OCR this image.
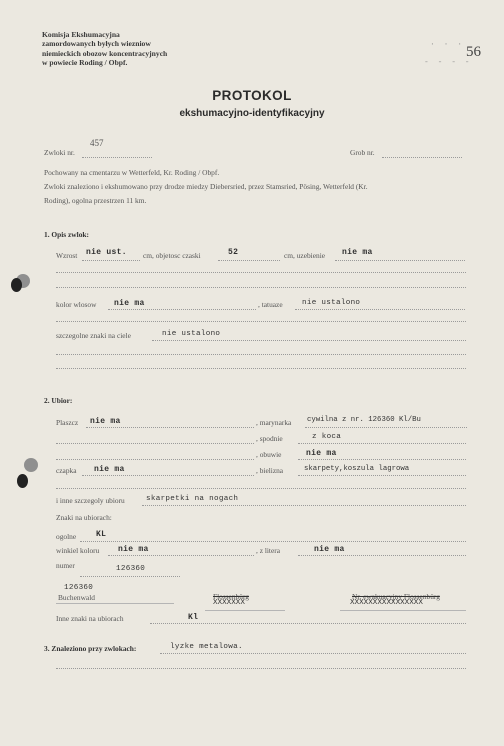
Komisja Ekshumacyjna
zamordowanych byłych wiezniow
niemieckich obozow koncentracyjnych
w powiecie Roding / Obpf.
· · ·
- - - -
56
PROTOKOL
ekshumacyjno-identyfikacyjny
Zwloki nr.
457
Grob nr.
Pochowany na cmentarzu w Wetterfeld, Kr. Roding / Obpf.
Zwloki znaleziono i ekshumowano przy drodze miedzy Diebersried, przez Stamsried, Pösing, Wetterfeld (Kr.
Roding), ogolna przestrzen 11 km.
1. Opis zwlok:
Wzrost nie ust. cm, objetosc czaski	52	cm, uzebienie nie ma
kolor wlosow nie ma	, tatuaze	nie ustalono
szczegolne znaki na ciele	nie ustalono
2. Ubior:
Plaszcz nie ma	, marynarka cywilna z nr. 126360 Kl/Bu
, spodnie	z koca
, obuwie	nie ma
czapka nie ma	, bielizna	skarpety,koszula lagrowa
i inne szczegoly ubioru	skarpetki na nogach
Znaki na ubiorach:
ogolne KL
winkiel koloru nie ma	, z litera	nie ma
numer	126360
126360
Buchenwald	Flossenbürg
XXXXXXX
Nr. ewakuacyjny Flossenbürg
XXXXXXXXXXXXXXXX
Inne znaki na ubiorach	Kl
3. Znaleziono przy zwlokach:	lyzke metalowa.
